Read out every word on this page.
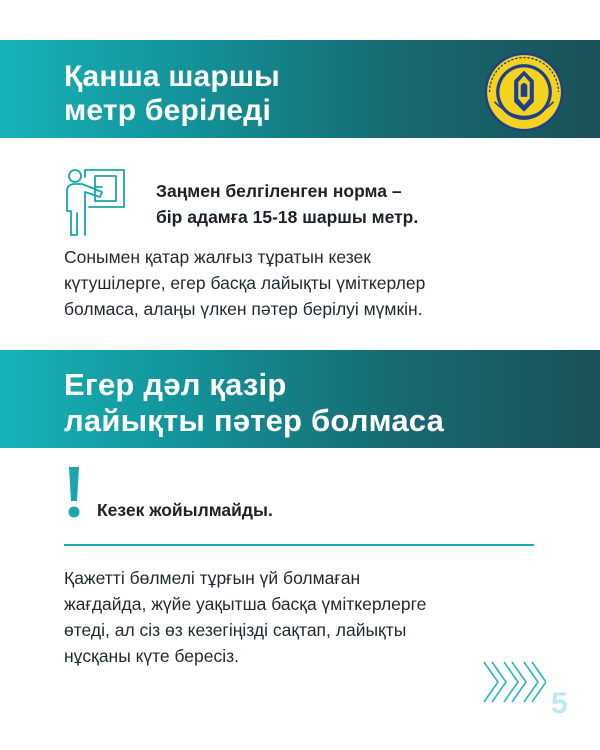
Қанша шаршы
метр беріледі
Заңмен белгіленген норма –
бір адамға 15-18 шаршы метр.
Сонымен қатар жалғыз тұратын кезек
күтушілерге, егер басқа лайықты үміткерлер
болмаса, алаңы үлкен пәтер берілуі мүмкін.
Егер дәл қазір
лайықты пәтер болмаса
Кезек жойылмайды.
Қажетті бөлмелі тұрғын үй болмаған
жағдайда, жүйе уақытша басқа үміткерлерге
өтеді, ал сіз өз кезегіңізді сақтап, лайықты
нұсқаны күте бересіз.
5
